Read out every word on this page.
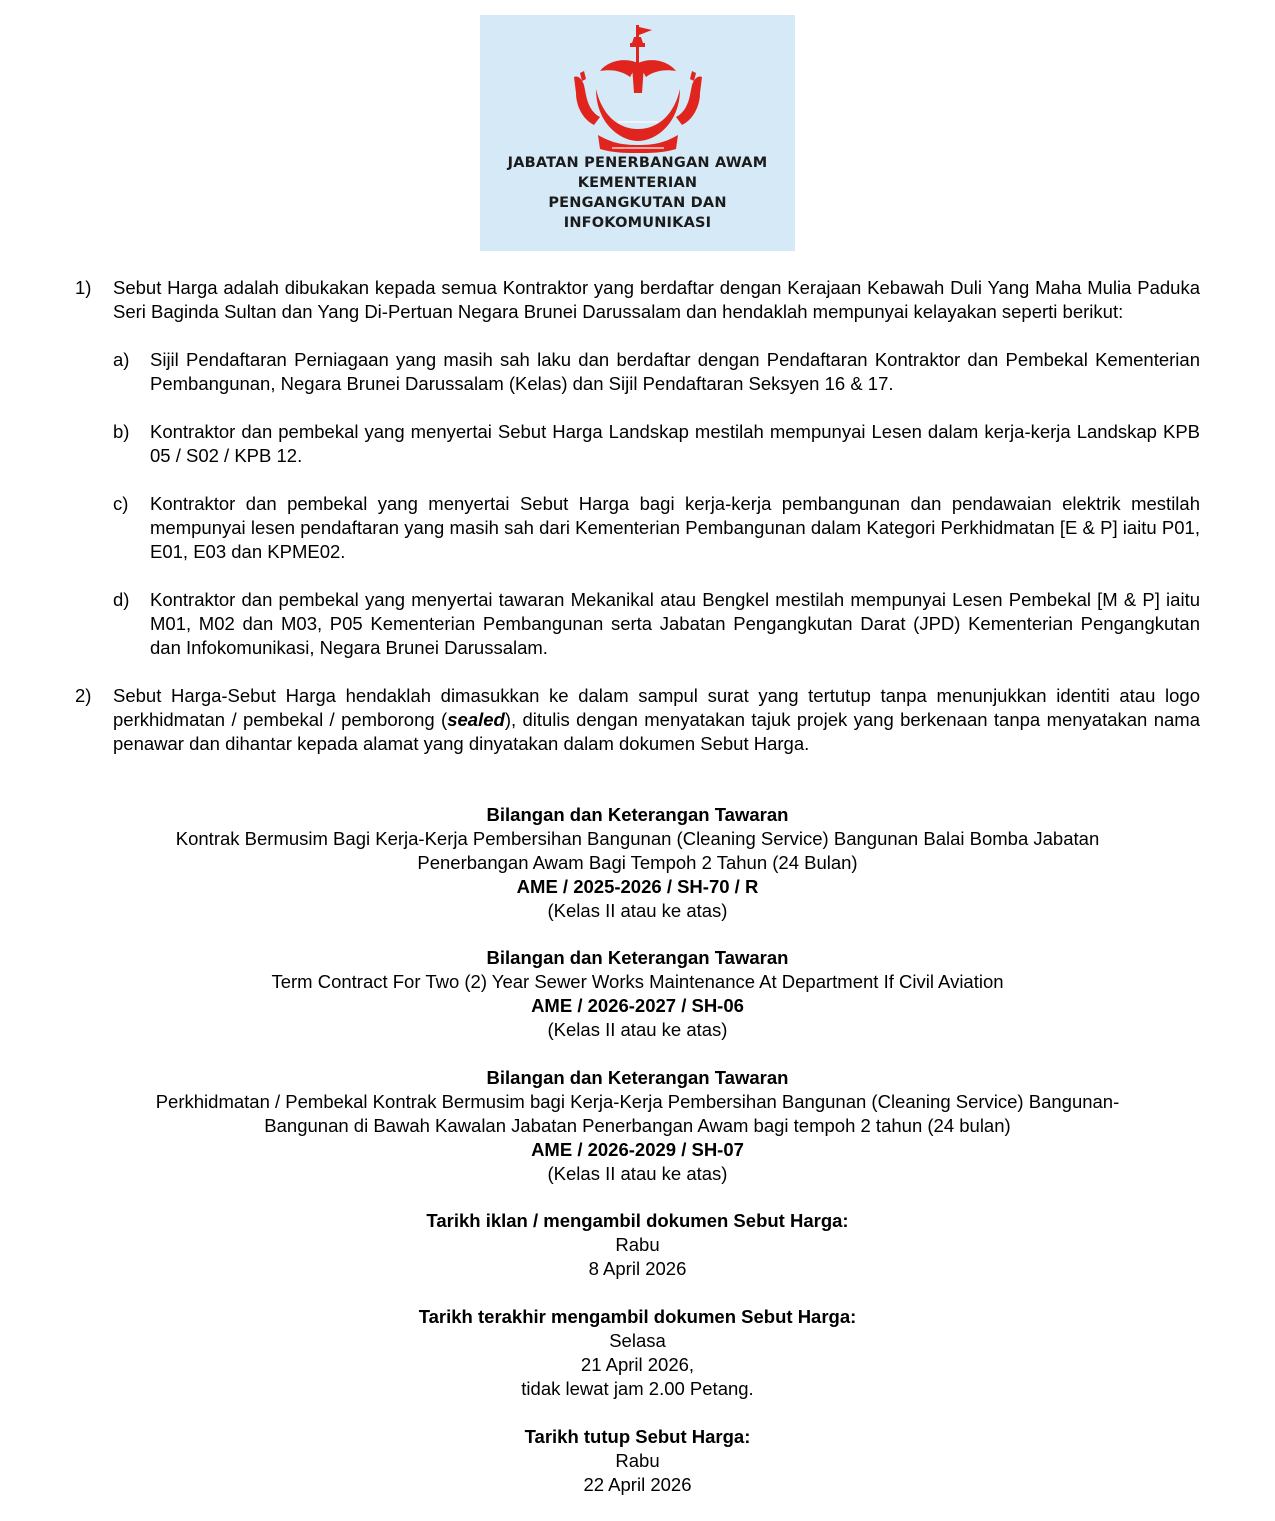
JABATAN PENERBANGAN AWAM
KEMENTERIAN
PENGANGKUTAN DAN
INFOKOMUNIKASI
1) Sebut Harga adalah dibukakan kepada semua Kontraktor yang berdaftar dengan Kerajaan Kebawah Duli Yang Maha Mulia Paduka Seri Baginda Sultan dan Yang Di-Pertuan Negara Brunei Darussalam dan hendaklah mempunyai kelayakan seperti berikut:
a) Sijil Pendaftaran Perniagaan yang masih sah laku dan berdaftar dengan Pendaftaran Kontraktor dan Pembekal Kementerian Pembangunan, Negara Brunei Darussalam (Kelas) dan Sijil Pendaftaran Seksyen 16 & 17.
b) Kontraktor dan pembekal yang menyertai Sebut Harga Landskap mestilah mempunyai Lesen dalam kerja-kerja Landskap KPB 05 / S02 / KPB 12.
c) Kontraktor dan pembekal yang menyertai Sebut Harga bagi kerja-kerja pembangunan dan pendawaian elektrik mestilah mempunyai lesen pendaftaran yang masih sah dari Kementerian Pembangunan dalam Kategori Perkhidmatan [E & P] iaitu P01, E01, E03 dan KPME02.
d) Kontraktor dan pembekal yang menyertai tawaran Mekanikal atau Bengkel mestilah mempunyai Lesen Pembekal [M & P] iaitu M01, M02 dan M03, P05 Kementerian Pembangunan serta Jabatan Pengangkutan Darat (JPD) Kementerian Pengangkutan dan Infokomunikasi, Negara Brunei Darussalam.
2) Sebut Harga-Sebut Harga hendaklah dimasukkan ke dalam sampul surat yang tertutup tanpa menunjukkan identiti atau logo perkhidmatan / pembekal / pemborong (sealed), ditulis dengan menyatakan tajuk projek yang berkenaan tanpa menyatakan nama penawar dan dihantar kepada alamat yang dinyatakan dalam dokumen Sebut Harga.
Bilangan dan Keterangan Tawaran
Kontrak Bermusim Bagi Kerja-Kerja Pembersihan Bangunan (Cleaning Service) Bangunan Balai Bomba Jabatan
Penerbangan Awam Bagi Tempoh 2 Tahun (24 Bulan)
AME / 2025-2026 / SH-70 / R
(Kelas II atau ke atas)
Bilangan dan Keterangan Tawaran
Term Contract For Two (2) Year Sewer Works Maintenance At Department If Civil Aviation
AME / 2026-2027 / SH-06
(Kelas II atau ke atas)
Bilangan dan Keterangan Tawaran
Perkhidmatan / Pembekal Kontrak Bermusim bagi Kerja-Kerja Pembersihan Bangunan (Cleaning Service) Bangunan-
Bangunan di Bawah Kawalan Jabatan Penerbangan Awam bagi tempoh 2 tahun (24 bulan)
AME / 2026-2029 / SH-07
(Kelas II atau ke atas)
Tarikh iklan / mengambil dokumen Sebut Harga:
Rabu
8 April 2026
Tarikh terakhir mengambil dokumen Sebut Harga:
Selasa
21 April 2026,
tidak lewat jam 2.00 Petang.
Tarikh tutup Sebut Harga:
Rabu
22 April 2026
